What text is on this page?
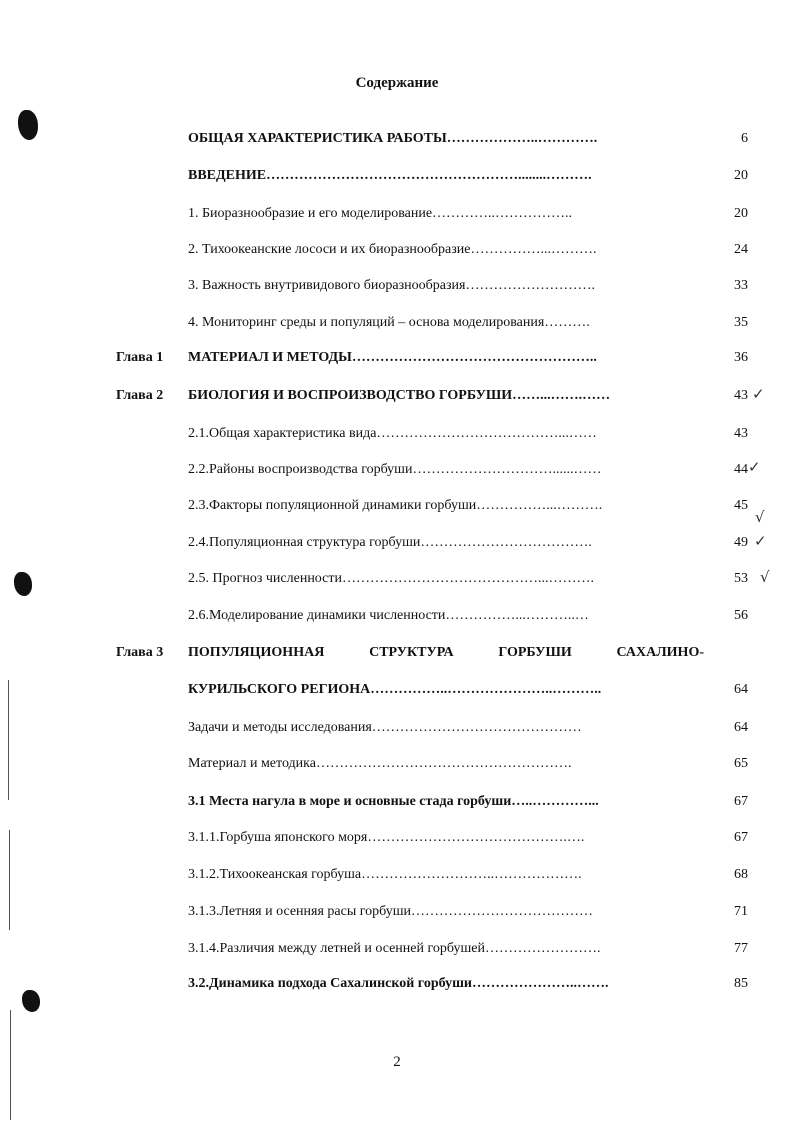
✓
✓
√
✓
√
Содержание
ОБЩАЯ ХАРАКТЕРИСТИКА РАБОТЫ………………..………….	6
ВВЕДЕНИЕ………………………………………………........……….	20
1. Биоразнообразие и его моделирование…………..……………..	20
2. Тихоокеанские лососи и их биоразнообразие……………...……….	24
3. Важность внутривидового биоразнообразия……………………….	33
4. Мониторинг среды и популяций – основа моделирования……….	35
Глава 1 МАТЕРИАЛ И МЕТОДЫ……………………………………………..	36
Глава 2 БИОЛОГИЯ И ВОСПРОИЗВОДСТВО ГОРБУШИ……...…….……	43
2.1.Общая характеристика вида…………………………………...……	43
2.2.Районы воспроизводства горбуши…………………………......……	44
2.3.Факторы популяционной динамики горбуши……………...……….	45
2.4.Популяционная структура горбуши……………………………….	49
2.5. Прогноз численности……………………………………...……….	53
2.6.Моделирование динамики численности……………...………..…	56
Глава 3 ПОПУЛЯЦИОННАЯ	СТРУКТУРА	ГОРБУШИ	САХАЛИНО-
КУРИЛЬСКОГО РЕГИОНА……………..…………………..………..	64
Задачи и методы исследования………………………………………	64
Материал и методика……………………………………………….	65
3.1 Места нагула в море и основные стада горбуши…..…………...	67
3.1.1.Горбуша японского моря…………………………………….….	67
3.1.2.Тихоокеанская горбуша………………………..……………….	68
3.1.3.Летняя и осенняя расы горбуши…………………………………	71
3.1.4.Различия между летней и осенней горбушей…………………….	77
3.2.Динамика подхода Сахалинской горбуши…………………..…….	85
2
